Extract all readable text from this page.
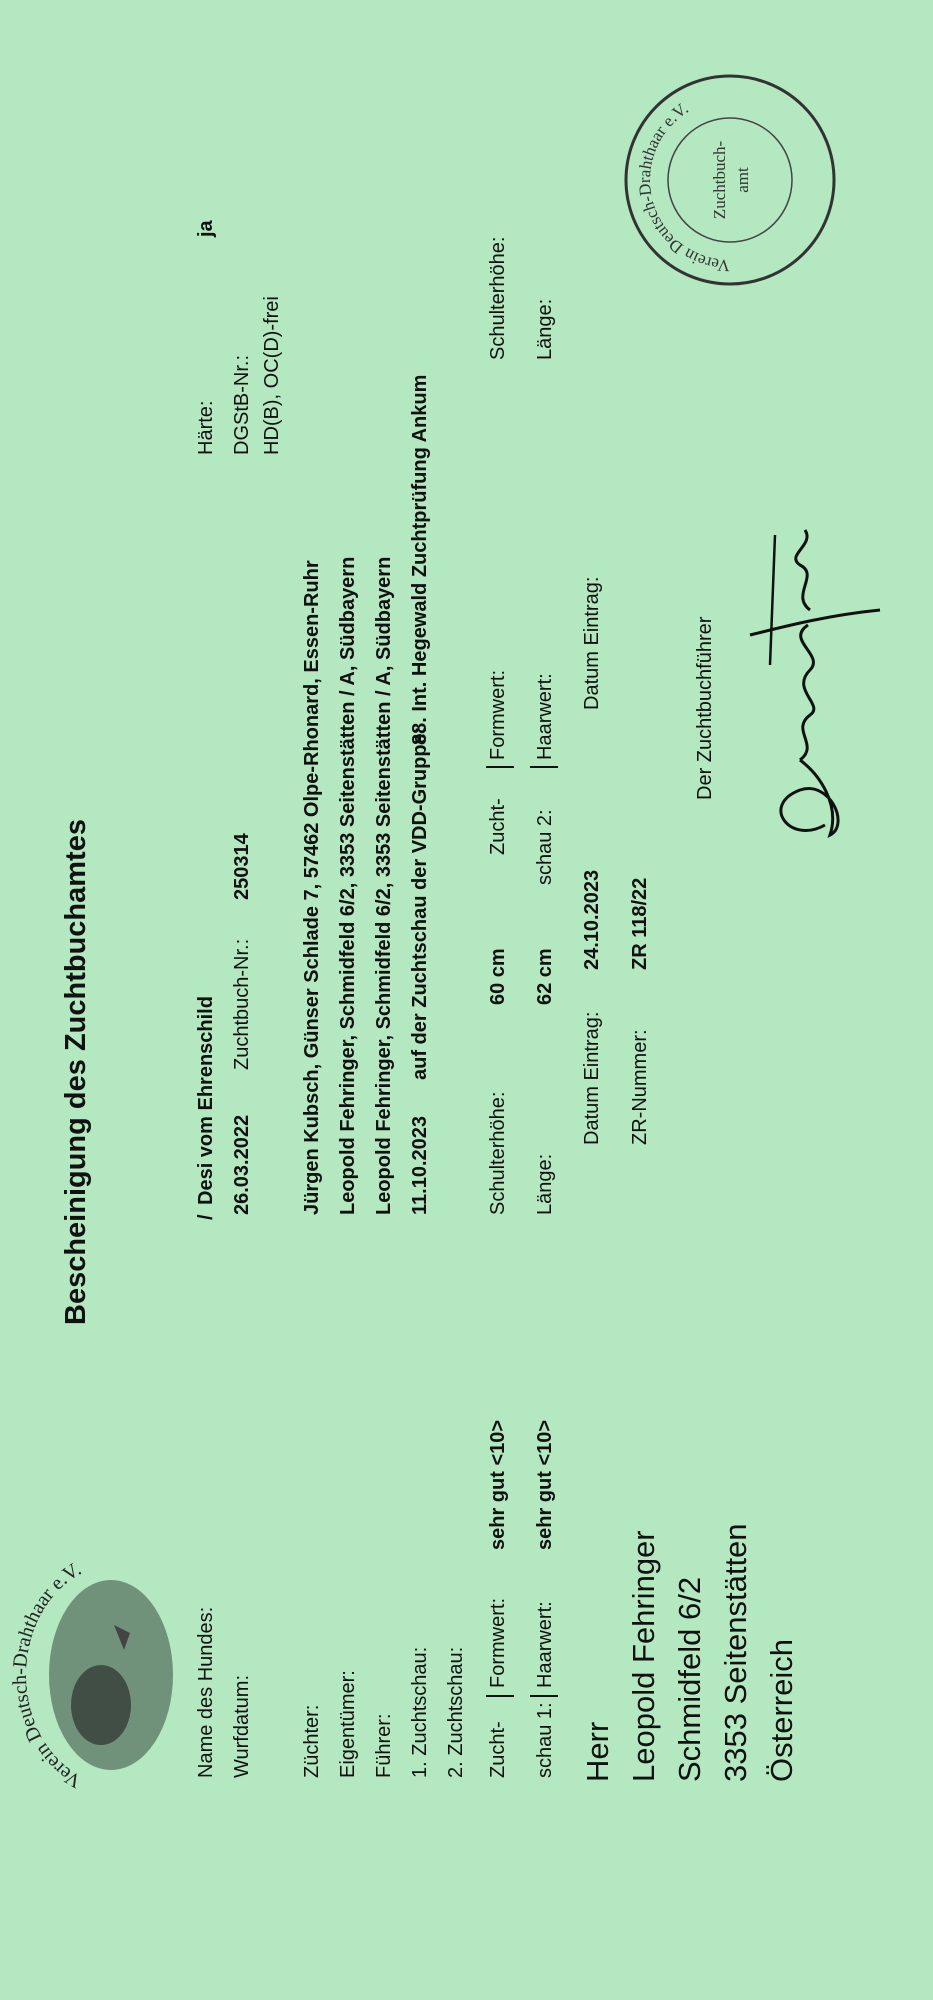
Verein Deutsch-Drahthaar e.V.
Bescheinigung des Zuchtbuchamtes
Name des Hundes:
/
Desi vom Ehrenschild
Wurfdatum:
26.03.2022
Zuchtbuch-Nr.:
250314
Härte:
ja
DGStB-Nr.: HD(B), OC(D)-frei
Züchter:
Jürgen Kubsch, Günser Schlade 7, 57462 Olpe-Rhonard, Essen-Ruhr
Eigentümer:
Leopold Fehringer, Schmidfeld 6/2, 3353 Seitenstätten / A, Südbayern
Führer:
Leopold Fehringer, Schmidfeld 6/2, 3353 Seitenstätten / A, Südbayern
1. Zuchtschau:
11.10.2023
auf der Zuchtschau der VDD-Gruppe:
88. Int. Hegewald Zuchtprüfung Ankum
2. Zuchtschau: Zucht- schau 1:
Formwert:
sehr gut <10>
Haarwert:
sehr gut <10>
Schulterhöhe:
60 cm
Länge:
62 cm
Datum Eintrag:
24.10.2023
ZR-Nummer:
ZR 118/22
Zucht- schau 2:
Formwert: Haarwert:
Datum Eintrag:
Schulterhöhe: Länge:
Herr Leopold Fehringer Schmidfeld 6/2 3353 Seitenstätten Österreich
Der Zuchtbuchführer
Verein Deutsch-Drahthaar e.V.
Zuchtbuch- amt
